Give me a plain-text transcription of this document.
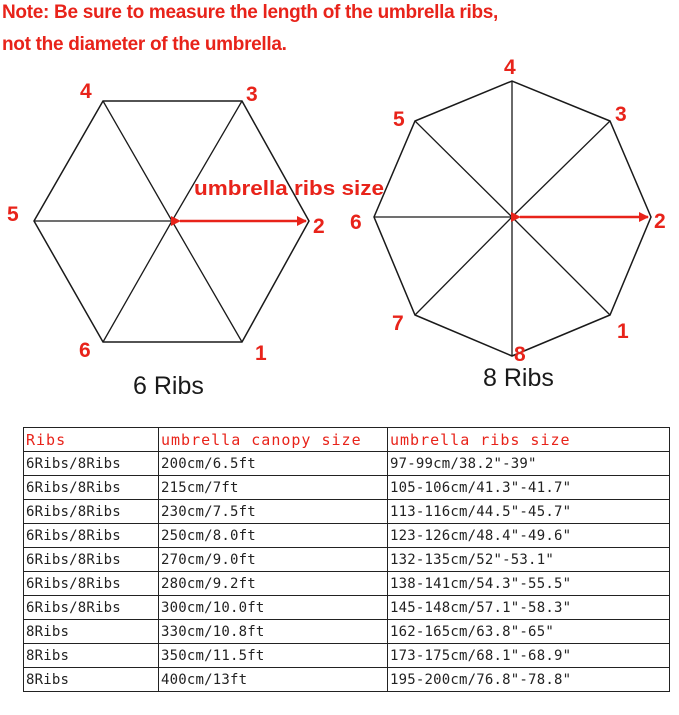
Note: Be sure to measure the length of the umbrella ribs,
not the diameter of the umbrella.
umbrella ribs size
1
2
3
4
5
6
1
2
3
4
5
6
7
8
6 Ribs	8 Ribs
Ribs	umbrella canopy size	umbrella ribs size
6Ribs/8Ribs	200cm/6.5ft	97-99cm/38.2"-39"
6Ribs/8Ribs	215cm/7ft	105-106cm/41.3"-41.7"
6Ribs/8Ribs	230cm/7.5ft	113-116cm/44.5"-45.7"
6Ribs/8Ribs	250cm/8.0ft	123-126cm/48.4"-49.6"
6Ribs/8Ribs	270cm/9.0ft	132-135cm/52"-53.1"
6Ribs/8Ribs	280cm/9.2ft	138-141cm/54.3"-55.5"
6Ribs/8Ribs	300cm/10.0ft	145-148cm/57.1"-58.3"
8Ribs	330cm/10.8ft	162-165cm/63.8"-65"
8Ribs	350cm/11.5ft	173-175cm/68.1"-68.9"
8Ribs	400cm/13ft	195-200cm/76.8"-78.8"
